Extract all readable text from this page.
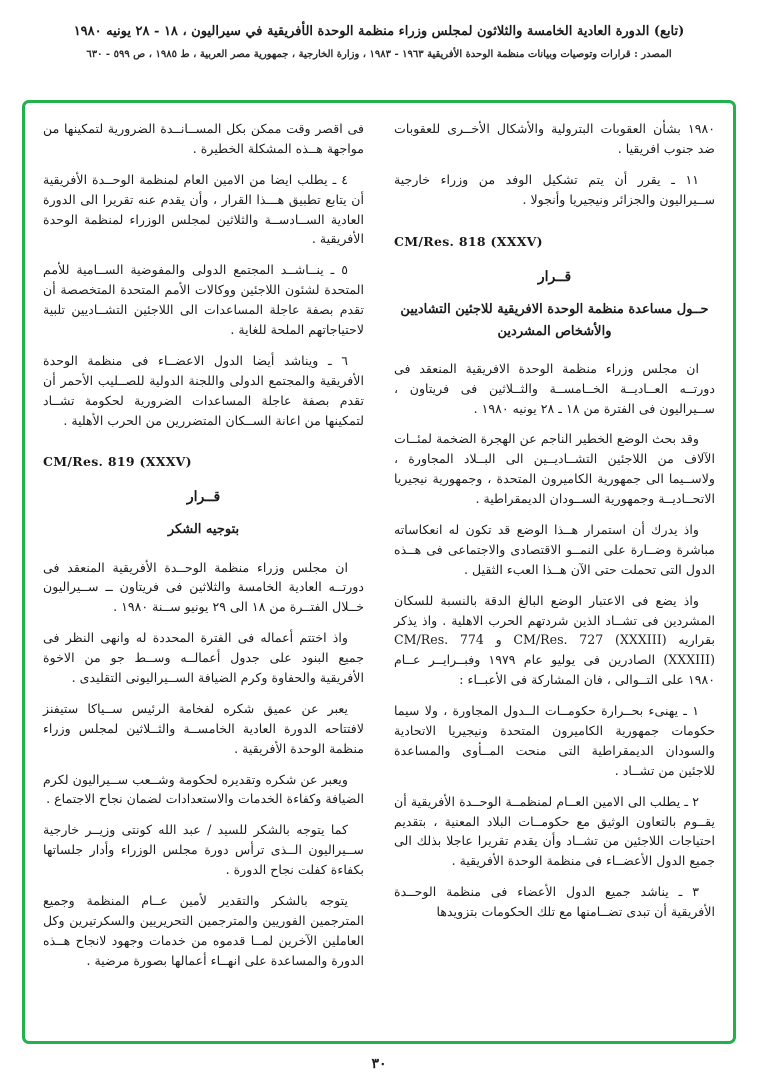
(تابع) الدورة العادية الخامسة والثلاثون لمجلس وزراء منظمة الوحدة الأفريقية في سيراليون ، ١٨ - ٢٨ يونيه ١٩٨٠
المصدر : قرارات وتوصيات وبيانات منظمة الوحدة الأفريقية ١٩٦٣ - ١٩٨٣ ، وزارة الخارجية ، جمهورية مصر العربية ، ط ١٩٨٥ ، ص ٥٩٩ - ٦٣٠

١٩٨٠ بشأن العقوبات البترولية والأشكال الأخــرى للعقوبات ضد جنوب افريقيا .

١١ ـ يقرر أن يتم تشكيل الوفد من وزراء خارجية ســيراليون والجزائر ونيجيريا وأنجولا .

CM/Res. 818 (XXXV)
قــرار
حــول مساعدة منظمة الوحدة الافريقية للاجئين التشاديين والأشخاص المشردين

ان مجلس وزراء منظمة الوحدة الافريقية المنعقد فى دورتــه العــاديــة الخــامســة والثــلاثين فى فريتاون ، ســيراليون فى الفترة من ١٨ ـ ٢٨ يونيه ١٩٨٠ .

وقد بحث الوضع الخطير الناجم عن الهجرة الضخمة لمئــات الآلاف من اللاجئين التشــاديــين الى البــلاد المجاورة ، ولاســيما الى جمهورية الكاميرون المتحدة ، وجمهورية نيجيريا الاتحــاديــة وجمهورية الســودان الديمقراطية .

واذ يدرك أن استمرار هــذا الوضع قد تكون له انعكاساته مباشرة وضــارة على النمــو الاقتصادى والاجتماعى فى هــذه الدول التى تحملت حتى الآن هــذا العبء الثقيل .

واذ يضع فى الاعتبار الوضع البالغ الدقة بالنسبة للسكان المشردين فى تشــاد الذين شردتهم الحرب الاهلية . واذ يذكر بقراريه CM/Res. 727 (XXXIII) و CM/Res. 774 (XXXIII) الصادرين فى يوليو عام ١٩٧٩ وفبــرايــر عــام ١٩٨٠ على التــوالى ، فان المشاركة فى الأعبــاء :

١ ـ يهنىء بحــرارة حكومــات الــدول المجاورة ، ولا سيما حكومات جمهورية الكاميرون المتحدة ونيجيريا الاتحادية والسودان الديمقراطية التى منحت المــأوى والمساعدة للاجئين من تشــاد .

٢ ـ يطلب الى الامين العــام لمنظمــة الوحــدة الأفريقية أن يقــوم بالتعاون الوثيق مع حكومــات البلاد المعنية ، بتقديم احتياجات اللاجئين من تشــاد وأن يقدم تقريرا عاجلا بذلك الى جميع الدول الأعضــاء فى منظمة الوحدة الأفريقية .

٣ ـ يناشد جميع الدول الأعضاء فى منظمة الوحــدة الأفريقية أن تبدى تضــامنها مع تلك الحكومات بتزويدها

فى اقصر وقت ممكن بكل المســانــدة الضرورية لتمكينها من مواجهة هــذه المشكلة الخطيرة .

٤ ـ يطلب ايضا من الامين العام لمنظمة الوحــدة الأفريقية أن يتابع تطبيق هـــذا القرار ، وأن يقدم عنه تقريرا الى الدورة العادية الســادســة والثلاثين لمجلس الوزراء لمنظمة الوحدة الأفريقية .

٥ ـ ينــاشــد المجتمع الدولى والمفوضية الســامية للأمم المتحدة لشئون اللاجئين ووكالات الأمم المتحدة المتخصصة أن تقدم بصفة عاجلة المساعدات الى اللاجئين التشــاديين تلبية لاحتياجاتهم الملحة للغاية .

٦ ـ ويناشد أيضا الدول الاعضــاء فى منظمة الوحدة الأفريقية والمجتمع الدولى واللجنة الدولية للصــليب الأحمر أن تقدم بصفة عاجلة المساعدات الضرورية لحكومة تشــاد لتمكينها من اعانة الســكان المتضررين من الحرب الأهلية .

CM/Res. 819 (XXXV)
قــرار
بتوجيه الشكر

ان مجلس وزراء منظمة الوحــدة الأفريقية المنعقد فى دورتــه العادية الخامسة والثلاثين فى فريتاون ــ ســيراليون خــلال الفتــرة من ١٨ الى ٢٩ يونيو ســنة ١٩٨٠ .

واذ اختتم أعماله فى الفترة المحددة له وانهى النظر فى جميع البنود على جدول أعمالــه وســط جو من الاخوة الأفريقية والحفاوة وكرم الضيافة الســيراليونى التقليدى .

يعبر عن عميق شكره لفخامة الرئيس ســياكا ستيفنز لافتتاحه الدورة العادية الخامســة والثــلاثين لمجلس وزراء منظمة الوحدة الأفريقية .

ويعبر عن شكره وتقديره لحكومة وشــعب ســيراليون لكرم الضيافة وكفاءة الخدمات والاستعدادات لضمان نجاح الاجتماع .

كما يتوجه بالشكر للسيد / عبد الله كونتى وزيــر خارجية ســيراليون الــذى ترأس دورة مجلس الوزراء وأدار جلساتها بكفاءة كفلت نجاح الدورة .

يتوجه بالشكر والتقدير لأمين عــام المنظمة وجميع المترجمين الفوريين والمترجمين التحريريين والسكرتيرين وكل العاملين الآخرين لمــا قدموه من خدمات وجهود لانجاح هــذه الدورة والمساعدة على انهــاء أعمالها بصورة مرضية .

٣٠
